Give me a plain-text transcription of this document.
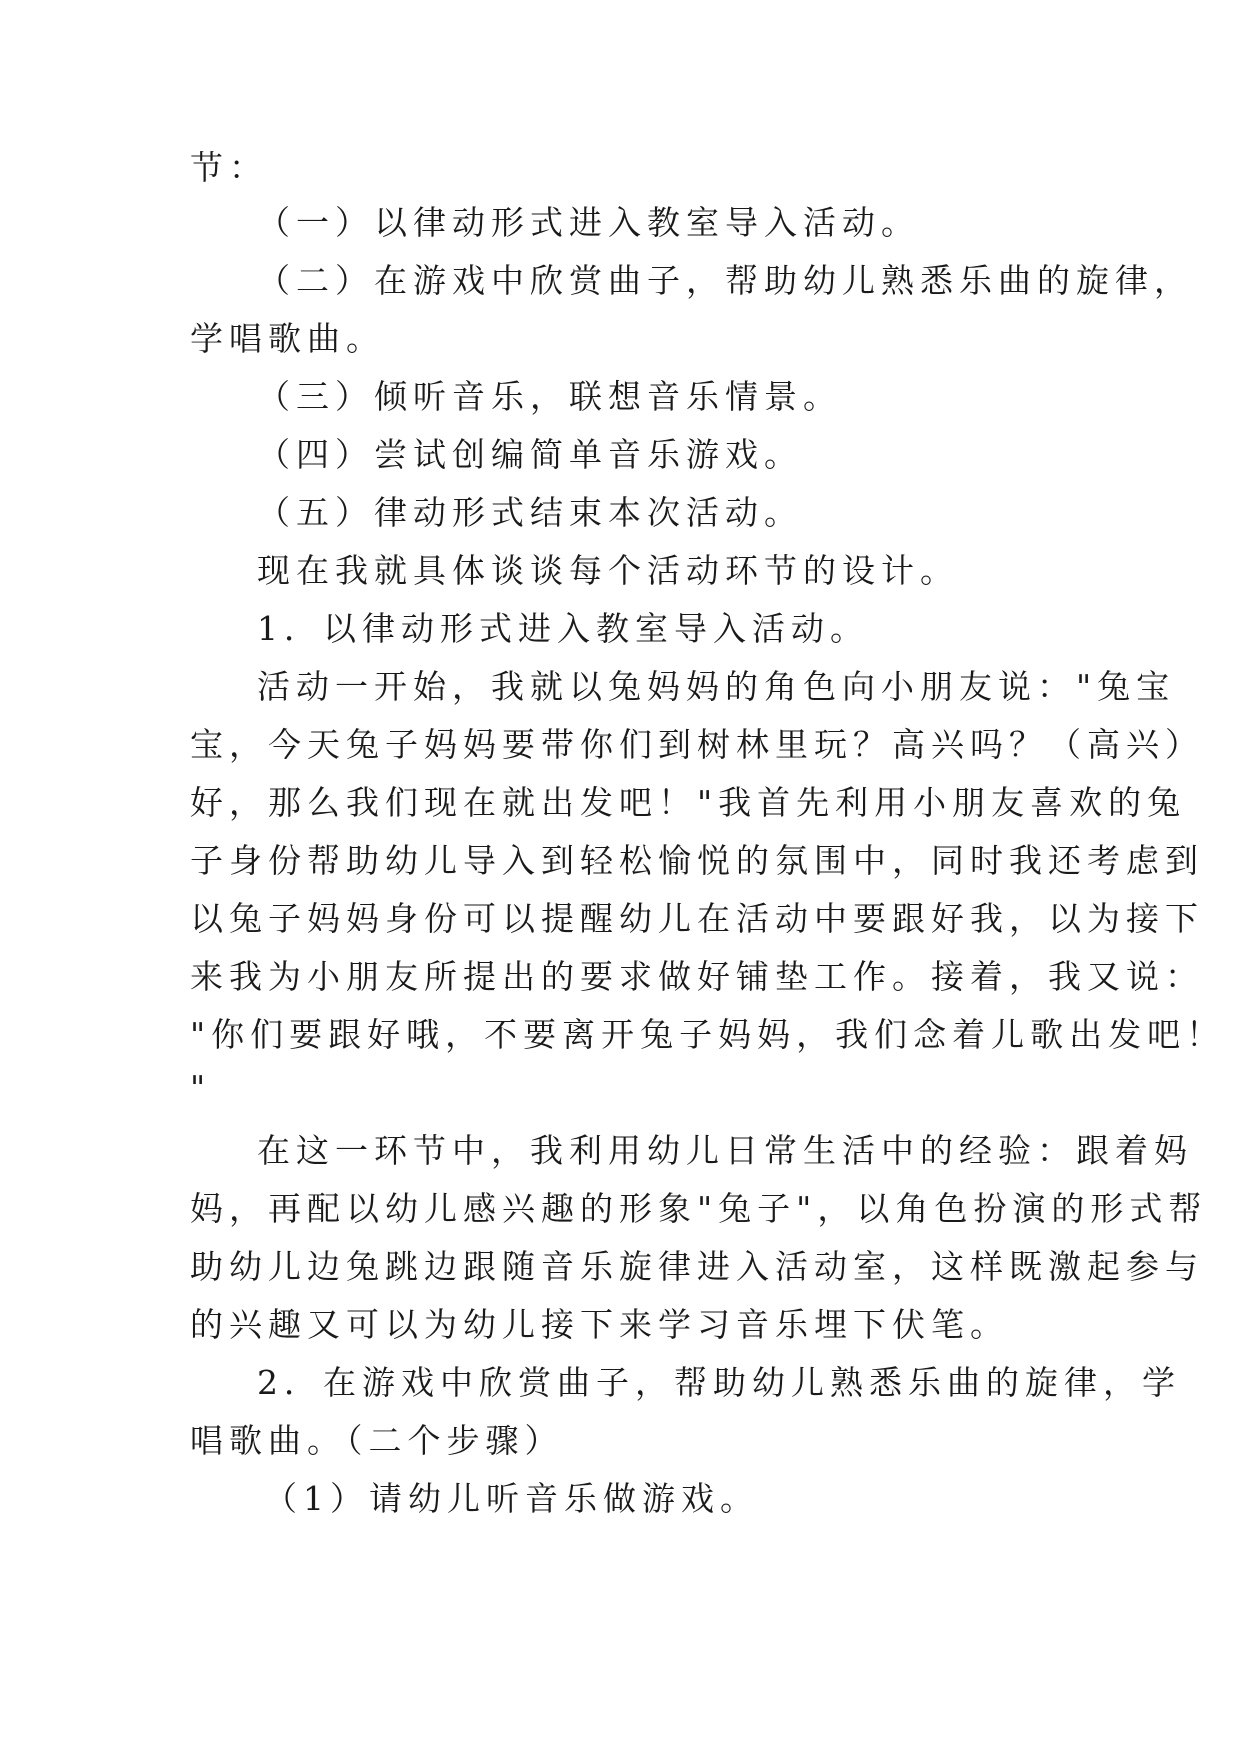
节：
（一）以律动形式进入教室导入活动。
（二）在游戏中欣赏曲子，帮助幼儿熟悉乐曲的旋律，
学唱歌曲。
（三）倾听音乐，联想音乐情景。
（四）尝试创编简单音乐游戏。
（五）律动形式结束本次活动。
现在我就具体谈谈每个活动环节的设计。
1．以律动形式进入教室导入活动。
活动一开始，我就以兔妈妈的角色向小朋友说："兔宝
宝，今天兔子妈妈要带你们到树林里玩？高兴吗？（高兴）
好，那么我们现在就出发吧！"我首先利用小朋友喜欢的兔
子身份帮助幼儿导入到轻松愉悦的氛围中，同时我还考虑到
以兔子妈妈身份可以提醒幼儿在活动中要跟好我，以为接下
来我为小朋友所提出的要求做好铺垫工作。接着，我又说：
"你们要跟好哦，不要离开兔子妈妈，我们念着儿歌出发吧！
"
在这一环节中，我利用幼儿日常生活中的经验：跟着妈
妈，再配以幼儿感兴趣的形象"兔子"，以角色扮演的形式帮
助幼儿边兔跳边跟随音乐旋律进入活动室，这样既激起参与
的兴趣又可以为幼儿接下来学习音乐埋下伏笔。
2．在游戏中欣赏曲子，帮助幼儿熟悉乐曲的旋律，学
唱歌曲。（二个步骤）
（1）请幼儿听音乐做游戏。
